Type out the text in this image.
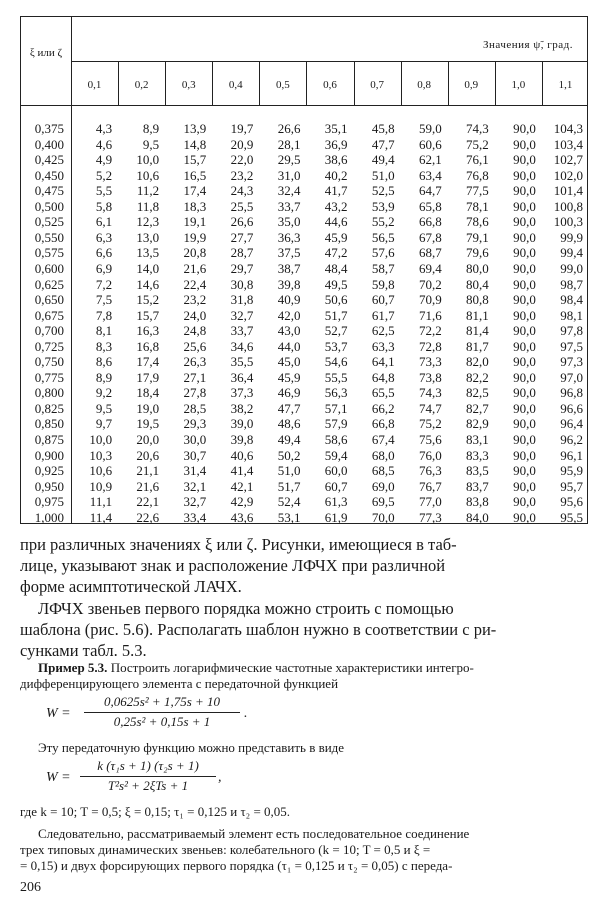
ξ или ζ
Значения ψ̃, град.
0,1	0,2	0,3	0,4	0,5	0,6	0,7	0,8	0,9	1,0	1,1
0,375	4,3	8,9	13,9	19,7	26,6	35,1	45,8	59,0	74,3	90,0	104,3
0,400	4,6	9,5	14,8	20,9	28,1	36,9	47,7	60,6	75,2	90,0	103,4
0,425	4,9	10,0	15,7	22,0	29,5	38,6	49,4	62,1	76,1	90,0	102,7
0,450	5,2	10,6	16,5	23,2	31,0	40,2	51,0	63,4	76,8	90,0	102,0
0,475	5,5	11,2	17,4	24,3	32,4	41,7	52,5	64,7	77,5	90,0	101,4
0,500	5,8	11,8	18,3	25,5	33,7	43,2	53,9	65,8	78,1	90,0	100,8
0,525	6,1	12,3	19,1	26,6	35,0	44,6	55,2	66,8	78,6	90,0	100,3
0,550	6,3	13,0	19,9	27,7	36,3	45,9	56,5	67,8	79,1	90,0	99,9
0,575	6,6	13,5	20,8	28,7	37,5	47,2	57,6	68,7	79,6	90,0	99,4
0,600	6,9	14,0	21,6	29,7	38,7	48,4	58,7	69,4	80,0	90,0	99,0
0,625	7,2	14,6	22,4	30,8	39,8	49,5	59,8	70,2	80,4	90,0	98,7
0,650	7,5	15,2	23,2	31,8	40,9	50,6	60,7	70,9	80,8	90,0	98,4
0,675	7,8	15,7	24,0	32,7	42,0	51,7	61,7	71,6	81,1	90,0	98,1
0,700	8,1	16,3	24,8	33,7	43,0	52,7	62,5	72,2	81,4	90,0	97,8
0,725	8,3	16,8	25,6	34,6	44,0	53,7	63,3	72,8	81,7	90,0	97,5
0,750	8,6	17,4	26,3	35,5	45,0	54,6	64,1	73,3	82,0	90,0	97,3
0,775	8,9	17,9	27,1	36,4	45,9	55,5	64,8	73,8	82,2	90,0	97,0
0,800	9,2	18,4	27,8	37,3	46,9	56,3	65,5	74,3	82,5	90,0	96,8
0,825	9,5	19,0	28,5	38,2	47,7	57,1	66,2	74,7	82,7	90,0	96,6
0,850	9,7	19,5	29,3	39,0	48,6	57,9	66,8	75,2	82,9	90,0	96,4
0,875	10,0	20,0	30,0	39,8	49,4	58,6	67,4	75,6	83,1	90,0	96,2
0,900	10,3	20,6	30,7	40,6	50,2	59,4	68,0	76,0	83,3	90,0	96,1
0,925	10,6	21,1	31,4	41,4	51,0	60,0	68,5	76,3	83,5	90,0	95,9
0,950	10,9	21,6	32,1	42,1	51,7	60,7	69,0	76,7	83,7	90,0	95,7
0,975	11,1	22,1	32,7	42,9	52,4	61,3	69,5	77,0	83,8	90,0	95,6
1,000	11,4	22,6	33,4	43,6	53,1	61,9	70,0	77,3	84,0	90,0	95,5
при различных значениях ξ или ζ. Рисунки, имеющиеся в таб-
лице, указывают знак и расположение ЛФЧХ при различной
форме асимптотической ЛАЧХ.
ЛФЧХ звеньев первого порядка можно строить с помощью
шаблона (рис. 5.6). Располагать шаблон нужно в соответствии с ри-
сунками табл. 5.3.
Пример 5.3. Построить логарифмические частотные характеристики интегро-
дифференцирующего элемента с передаточной функцией
W =
0,0625s² + 1,75s + 10
0,25s² + 0,15s + 1
.
Эту передаточную функцию можно представить в виде
W =
k (τ₁s + 1) (τ₂s + 1)
T²s² + 2ξTs + 1
,
где k = 10; T = 0,5; ξ = 0,15; τ₁ = 0,125 и τ₂ = 0,05.
Следовательно, рассматриваемый элемент есть последовательное соединение
трех типовых динамических звеньев: колебательного (k = 10; T = 0,5 и ξ =
= 0,15) и двух форсирующих первого порядка (τ₁ = 0,125 и τ₂ = 0,05) с переда-
206
